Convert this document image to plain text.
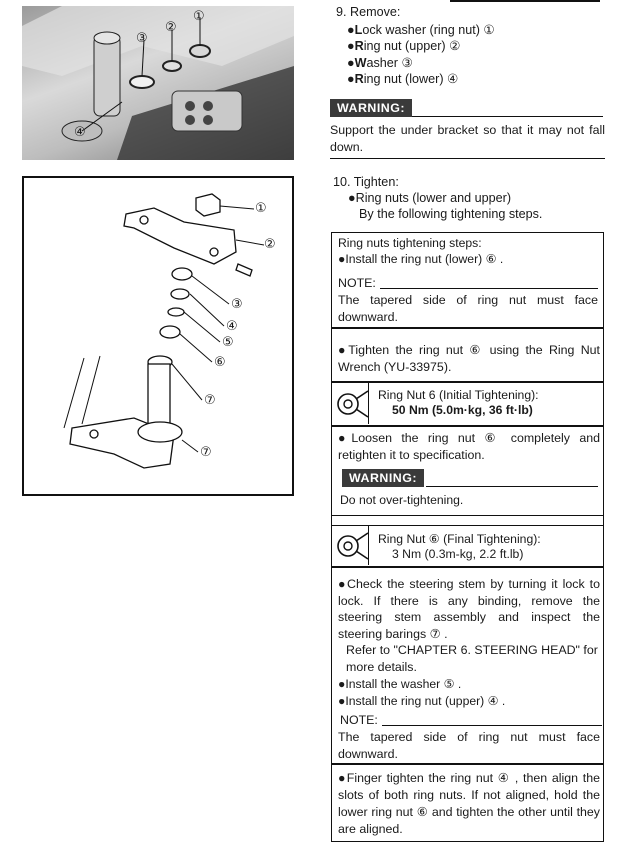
①
②
③
④
①
②
③
④
⑤
⑥
⑦
⑦
9. Remove:
●Lock washer (ring nut) ①
●Ring nut (upper) ②
●Washer ③
●Ring nut (lower) ④
WARNING:
Support the under bracket so that it may not fall down.
10. Tighten:
●Ring nuts (lower and upper)
By the following tightening steps.
Ring nuts tightening steps:
●Install the ring nut (lower) ⑥ .
NOTE:
The tapered side of ring nut must face downward.
●Tighten the ring nut ⑥ using the Ring Nut Wrench (YU-33975).
Ring Nut 6 (Initial Tightening):
50 Nm (5.0m·kg, 36 ft·lb)
●Loosen the ring nut ⑥ completely and retighten it to specification.
WARNING:
Do not over-tightening.
Ring Nut ⑥ (Final Tightening):
3 Nm (0.3m-kg, 2.2 ft.lb)
●Check the steering stem by turning it lock to lock. If there is any binding, remove the steering stem assembly and inspect the steering barings ⑦ .
Refer to "CHAPTER 6. STEERING HEAD" for more details.
●Install the washer ⑤ .
●Install the ring nut (upper) ④ .
NOTE:
The tapered side of ring nut must face downward.
●Finger tighten the ring nut ④ , then align the slots of both ring nuts. If not aligned, hold the lower ring nut ⑥ and tighten the other until they are aligned.
